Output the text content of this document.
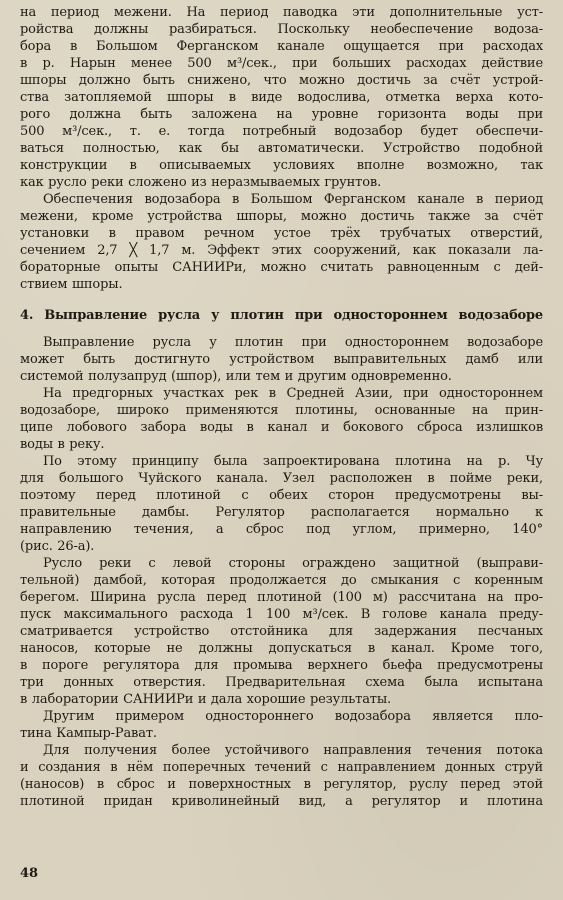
на период межени. На период паводка эти дополнительные уст-
ройства должны разбираться. Поскольку необеспечение водоза-
бора в Большом Ферганском канале ощущается при расходах
в р. Нарын менее 500 м³/сек., при больших расходах действие
шпоры должно быть снижено, что можно достичь за счёт устрой-
ства затопляемой шпоры в виде водослива, отметка верха кото-
рого должна быть заложена на уровне горизонта воды при
500 м³/сек., т. е. тогда потребный водозабор будет обеспечи-
ваться полностью, как бы автоматически. Устройство подобной
конструкции в описываемых условиях вполне возможно, так
как русло реки сложено из неразмываемых грунтов.

Обеспечения водозабора в Большом Ферганском канале в период
межени, кроме устройства шпоры, можно достичь также за счёт
установки в правом речном устое трёх трубчатых отверстий,
сечением 2,7 ╳ 1,7 м. Эффект этих сооружений, как показали ла-
бораторные опыты САНИИРи, можно считать равноценным с дей-
ствием шпоры.

4. Выправление русла у плотин при одностороннем водозаборе

Выправление русла у плотин при одностороннем водозаборе
может быть достигнуто устройством выправительных дамб или
системой полузапруд (шпор), или тем и другим одновременно.

На предгорных участках рек в Средней Азии, при одностороннем
водозаборе, широко применяются плотины, основанные на прин-
ципе лобового забора воды в канал и бокового сброса излишков
воды в реку.

По этому принципу была запроектирована плотина на р. Чу
для большого Чуйского канала. Узел расположен в пойме реки,
поэтому перед плотиной с обеих сторон предусмотрены вы-
правительные дамбы. Регулятор располагается нормально к
направлению течения, а сброс под углом, примерно, 140°
(рис. 26-а).

Русло реки с левой стороны ограждено защитной (выправи-
тельной) дамбой, которая продолжается до смыкания с коренным
берегом. Ширина русла перед плотиной (100 м) рассчитана на про-
пуск максимального расхода 1 100 м³/сек. В голове канала преду-
сматривается устройство отстойника для задержания песчаных
наносов, которые не должны допускаться в канал. Кроме того,
в пороге регулятора для промыва верхнего бьефа предусмотрены
три донных отверстия. Предварительная схема была испытана
в лаборатории САНИИРи и дала хорошие результаты.

Другим примером одностороннего водозабора является пло-
тина Кампыр-Рават.

Для получения более устойчивого направления течения потока
и создания в нём поперечных течений с направлением донных струй
(наносов) в сброс и поверхностных в регулятор, руслу перед этой
плотиной придан криволинейный вид, а регулятор и плотина

48
